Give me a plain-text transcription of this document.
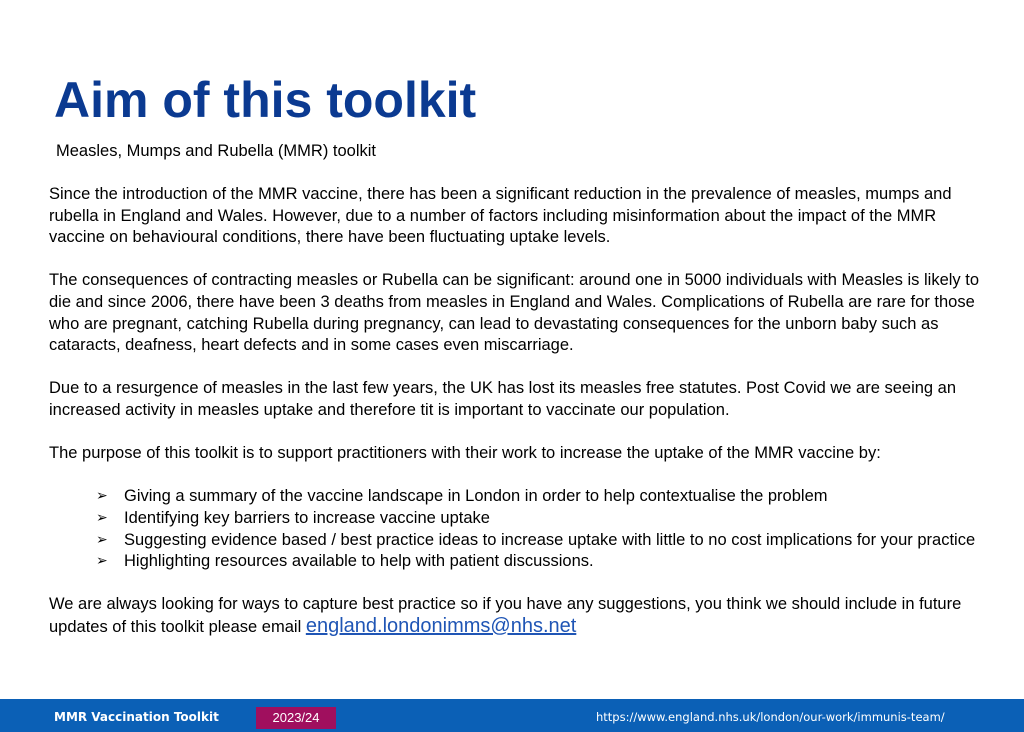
Aim of this toolkit
Measles, Mumps and Rubella (MMR) toolkit

Since the introduction of the MMR vaccine, there has been a significant reduction in the prevalence of measles, mumps and rubella in England and Wales. However, due to a number of factors including misinformation about the impact of the MMR vaccine on behavioural conditions, there have been fluctuating uptake levels.

The consequences of contracting measles or Rubella can be significant: around one in 5000 individuals with Measles is likely to die and since 2006, there have been 3 deaths from measles in England and Wales. Complications of Rubella are rare for those who are pregnant, catching Rubella during pregnancy, can lead to devastating consequences for the unborn baby such as cataracts, deafness, heart defects and in some cases even miscarriage.

Due to a resurgence of measles in the last few years, the UK has lost its measles free statutes. Post Covid we are seeing an increased activity in measles uptake and therefore tit is important to vaccinate our population.

The purpose of this toolkit is to support practitioners with their work to increase the uptake of the MMR vaccine by:

➢ Giving a summary of the vaccine landscape in London in order to help contextualise the problem
➢ Identifying key barriers to increase vaccine uptake
➢ Suggesting evidence based / best practice ideas to increase uptake with little to no cost implications for your practice
➢ Highlighting resources available to help with patient discussions.

We are always looking for ways to capture best practice so if you have any suggestions, you think we should include in future updates of this toolkit please email england.londonimms@nhs.net

MMR Vaccination Toolkit	2023/24	https://www.england.nhs.uk/london/our-work/immunis-team/
